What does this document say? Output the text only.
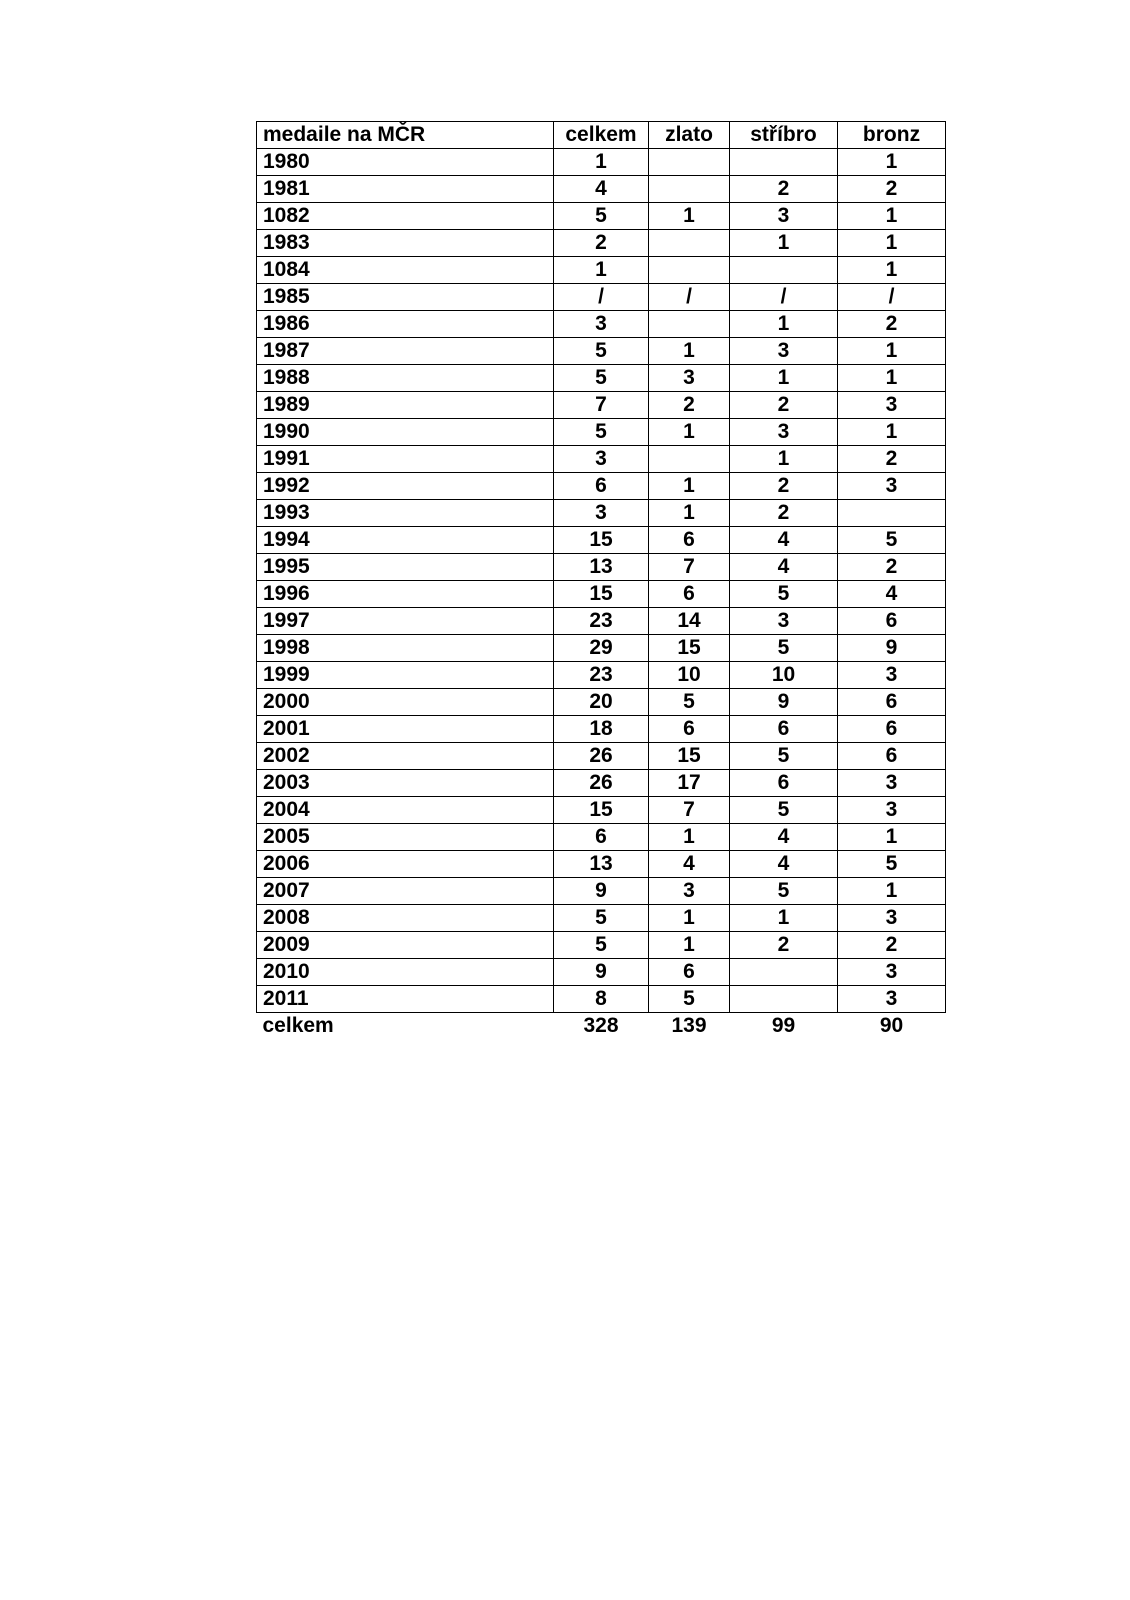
medaile na MČR	celkem	zlato	stříbro	bronz
1980	1			1
1981	4		2	2
1082	5	1	3	1
1983	2		1	1
1084	1			1
1985	/	/	/	/
1986	3		1	2
1987	5	1	3	1
1988	5	3	1	1
1989	7	2	2	3
1990	5	1	3	1
1991	3		1	2
1992	6	1	2	3
1993	3	1	2	
1994	15	6	4	5
1995	13	7	4	2
1996	15	6	5	4
1997	23	14	3	6
1998	29	15	5	9
1999	23	10	10	3
2000	20	5	9	6
2001	18	6	6	6
2002	26	15	5	6
2003	26	17	6	3
2004	15	7	5	3
2005	6	1	4	1
2006	13	4	4	5
2007	9	3	5	1
2008	5	1	1	3
2009	5	1	2	2
2010	9	6		3
2011	8	5		3
celkem	328	139	99	90
